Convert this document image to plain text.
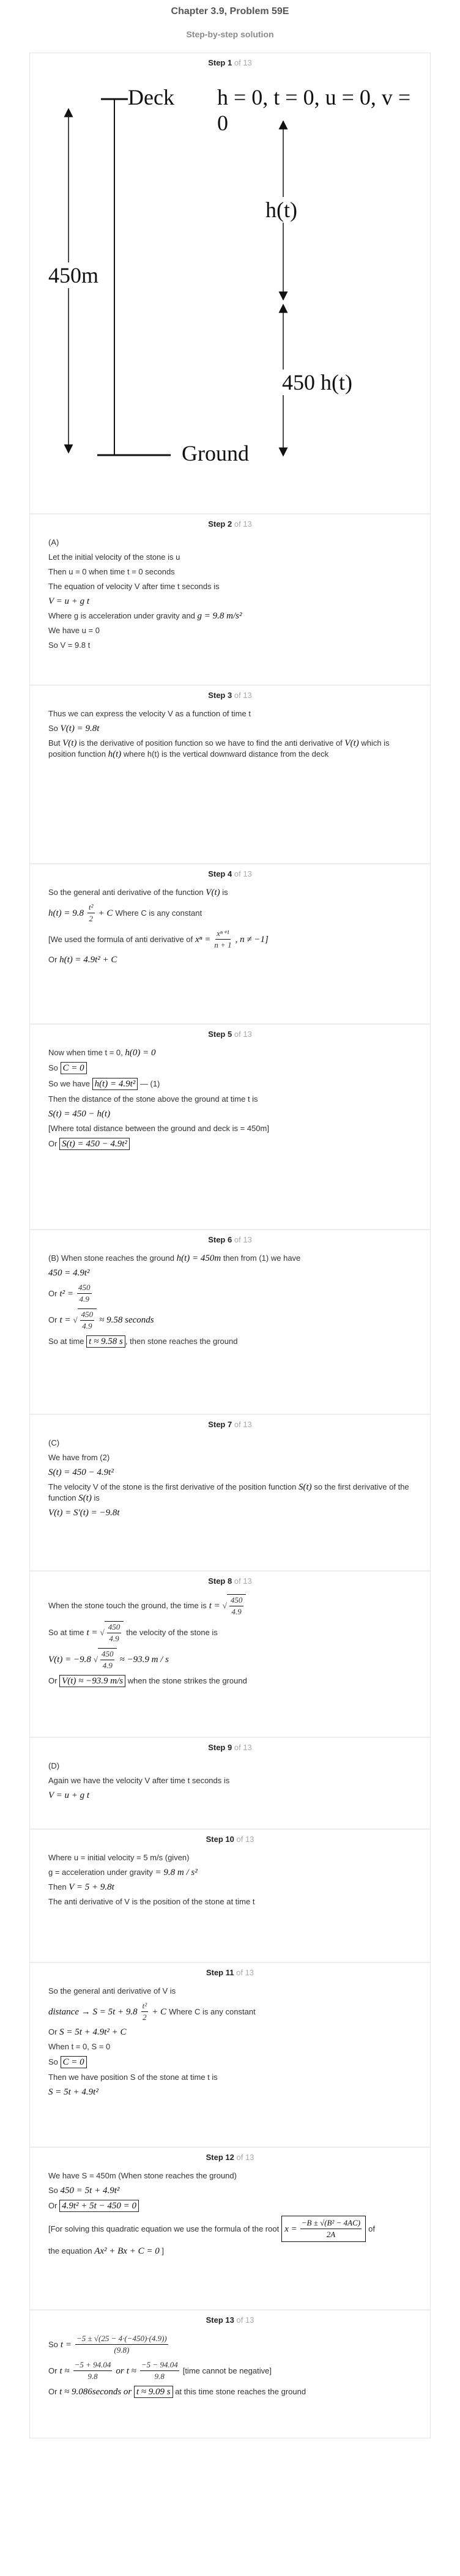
Chapter 3.9, Problem 59E

Step-by-step solution
Step 1 of 13
Deck h = 0, t = 0, u = 0, v = 0
450m
h(t)
450 h(t)
Ground
Step 2 of 13

(A)

Let the initial velocity of the stone is u

Then u = 0 when time t = 0 seconds

The equation of velocity V after time t seconds is

V = u + g t

Where g is acceleration under gravity and g = 9.8 m/s²

We have u = 0

So V = 9.8 t

Step 3 of 13

Thus we can express the velocity V as a function of time t

So V(t) = 9.8t

But V(t) is the derivative of position function so we have to find the anti derivative of V(t) which is position function h(t) where h(t) is the vertical downward distance from the deck

Step 4 of 13

So the general anti derivative of the function V(t) is

$h(t) = 9.8 \frac{\text{t²}}{2} + C$ Where C is any constant
[We used the formula of anti derivative of $x^n = \frac{\text{xⁿ⁺¹}}{n + 1}$ , n ≠ −1]

Or h(t) = 4.9t² + C

Step 5 of 13

Now when time t = 0, h(0) = 0

So C = 0

So we have h(t) = 4.9t² — (1)

Then the distance of the stone above the ground at time t is

S(t) = 450 − h(t)

[Where total distance between the ground and deck is = 450m]

Or S(t) = 450 − 4.9t²

Step 6 of 13

(B) When stone reaches the ground h(t) = 450m then from (1) we have

450 = 4.9t²

Or $t^2 = \frac{450}{4.9}$
Or t = √ $\frac{450}{4.9} \approx 9.58$ seconds

So at time t ≈ 9.58 s , then stone reaches the ground

Step 7 of 13

(C)

We have from (2)

S(t) = 450 − 4.9t²

The velocity V of the stone is the first derivative of the position function S(t) so the first derivative of the function S(t) is

V(t) = S′(t) = −9.8t

Step 8 of 13
When the stone touch the ground, the time is t = √ $\frac{450}{4.9}$
So at time t = √ $\frac{450}{4.9}$ the velocity of the stone is
V(t) = −9.8 √ $\frac{450}{4.9} \approx -93.9$ m / s

Or V(t) ≈ −93.9 m/s when the stone strikes the ground

Step 9 of 13

(D)

Again we have the velocity V after time t seconds is

V = u + g t

Step 10 of 13

Where u = initial velocity = 5 m/s (given)

g = acceleration under gravity = 9.8 m / s²

Then V = 5 + 9.8t

The anti derivative of V is the position of the stone at time t

Step 11 of 13

So the general anti derivative of V is

distance → $S = 5t + 9.8 \frac{\text{t²}}{2} + C$ Where C is any constant

Or S = 5t + 4.9t² + C

When t = 0, S = 0

So C = 0

Then we have position S of the stone at time t is

S = 5t + 4.9t²

Step 12 of 13

We have S = 450m (When stone reaches the ground)

So 450 = 5t + 4.9t²

Or 4.9t² + 5t − 450 = 0

[For solving this quadratic equation we use the formula of the root $x = \frac{\text{−B ± √(B² − 4AC)}}{2A}$ of

the equation Ax² + Bx + C = 0 ]

Step 13 of 13
So $t = \frac{-5 \pm √(25 - 4\cdot(-450)\cdot(4.9))}{(9.8)}$
Or $t \approx \frac{-5 + 94.04}{9.8}$ or $t \approx \frac{-5 - 94.04}{9.8}$ [time cannot be negative]

Or t ≈ 9.086seconds or t ≈ 9.09 s at this time stone reaches the ground
